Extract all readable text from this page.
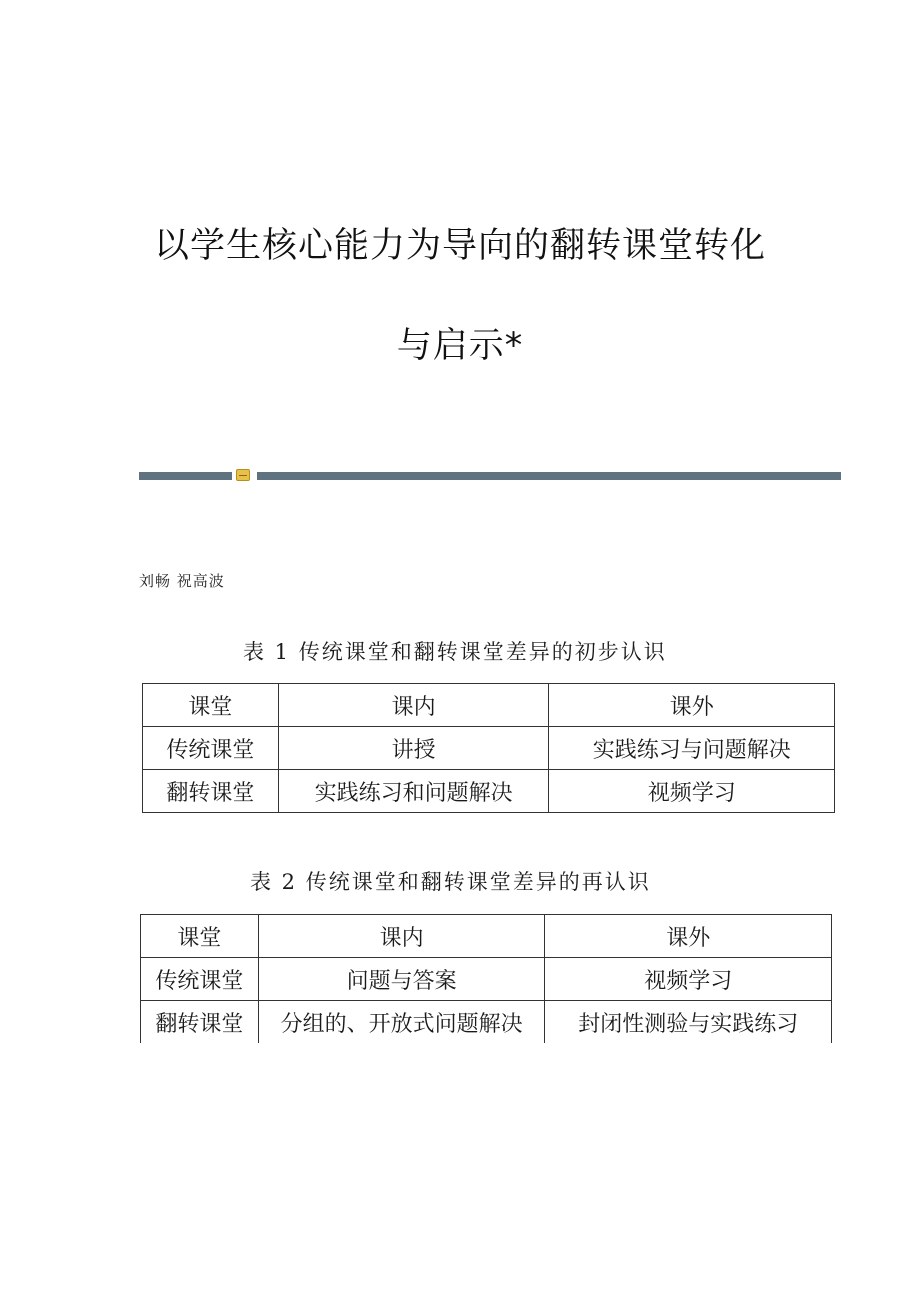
以学生核心能力为导向的翻转课堂转化
与启示*
刘畅 祝高波
表 1 传统课堂和翻转课堂差异的初步认识
课堂	课内	课外
传统课堂	讲授	实践练习与问题解决
翻转课堂	实践练习和问题解决	视频学习
表 2 传统课堂和翻转课堂差异的再认识
课堂	课内	课外
传统课堂	问题与答案	视频学习
翻转课堂	分组的、开放式问题解决	封闭性测验与实践练习
